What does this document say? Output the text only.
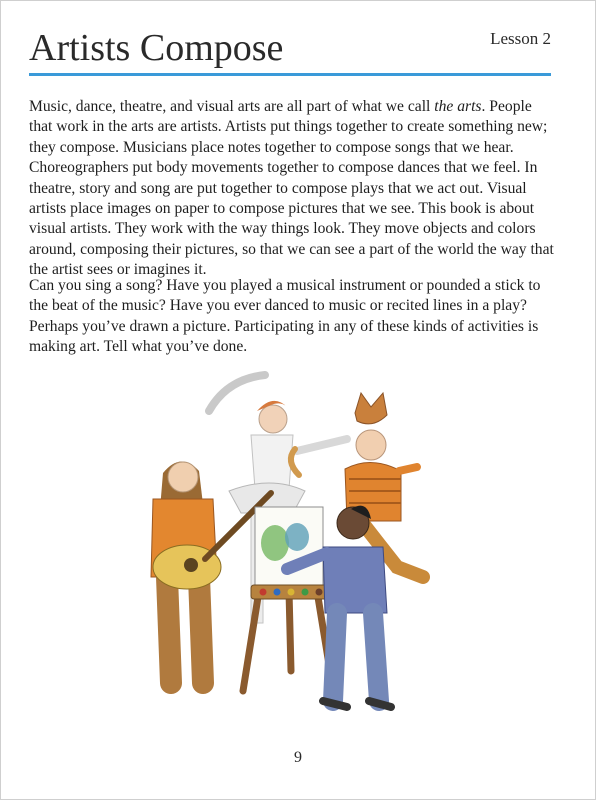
Artists Compose	Lesson 2

Music, dance, theatre, and visual arts are all part of what we call the arts. People that work in the arts are artists. Artists put things together to create something new; they compose. Musicians place notes together to compose songs that we hear. Choreographers put body movements together to compose dances that we feel. In theatre, story and song are put together to compose plays that we act out. Visual artists place images on paper to compose pictures that we see. This book is about visual artists. They work with the way things look. They move objects and colors around, composing their pictures, so that we can see a part of the world the way that the artist sees or imagines it.

Can you sing a song? Have you played a musical instrument or pounded a stick to the beat of the music? Have you ever danced to music or recited lines in a play? Perhaps you’ve drawn a picture. Participating in any of these kinds of activities is making art. Tell what you’ve done.

9
